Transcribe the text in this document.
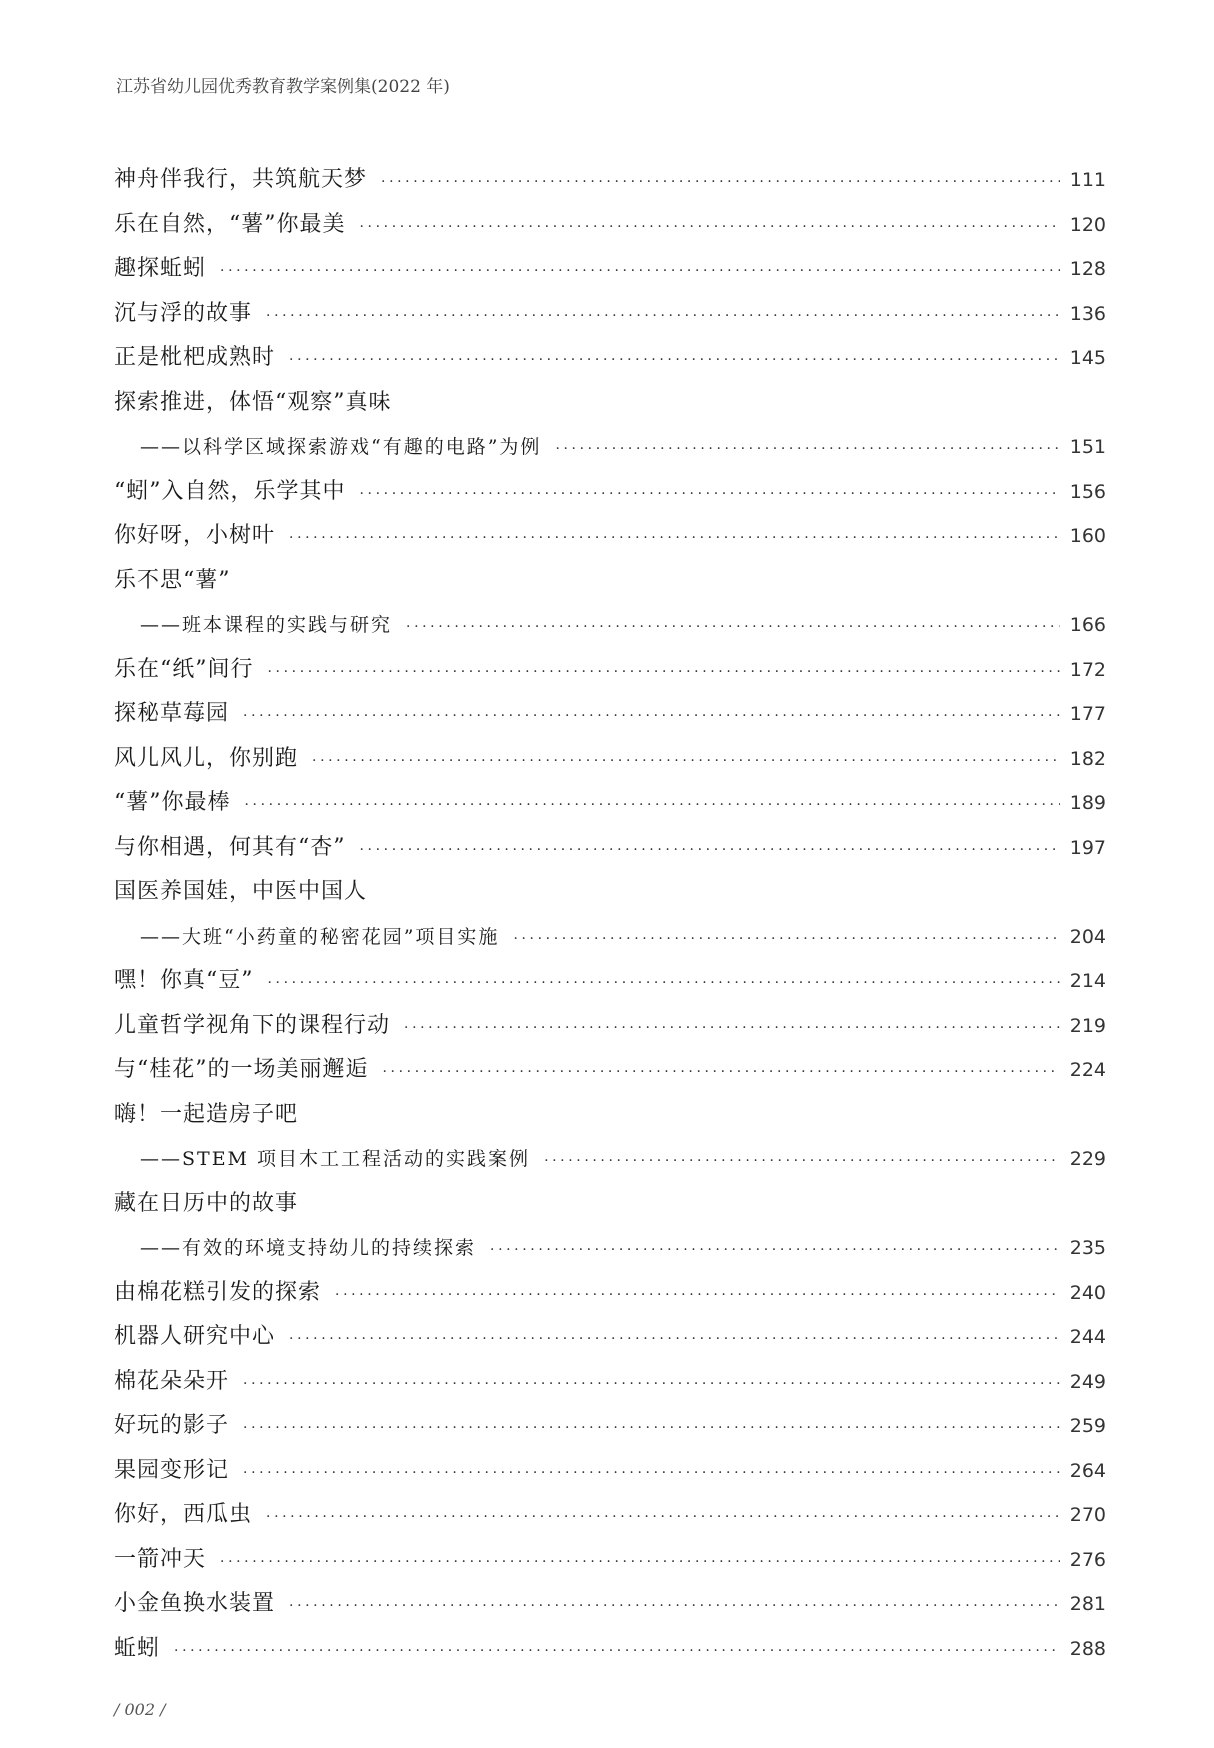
江苏省幼儿园优秀教育教学案例集(2022 年)
神舟伴我行，共筑航天梦 ·····	111
乐在自然，“薯”你最美 ·····	120
趣探蚯蚓 ·····	128
沉与浮的故事 ·····	136
正是枇杷成熟时 ·····	145
探索推进，体悟“观察”真味
——以科学区域探索游戏“有趣的电路”为例 ·····	151
“蚓”入自然，乐学其中 ·····	156
你好呀，小树叶 ·····	160
乐不思“薯”
——班本课程的实践与研究 ·····	166
乐在“纸”间行 ·····	172
探秘草莓园 ·····	177
风儿风儿，你别跑 ·····	182
“薯”你最棒 ·····	189
与你相遇，何其有“杏” ·····	197
国医养国娃，中医中国人
——大班“小药童的秘密花园”项目实施 ·····	204
嘿！你真“豆” ·····	214
儿童哲学视角下的课程行动 ·····	219
与“桂花”的一场美丽邂逅 ·····	224
嗨！一起造房子吧
——STEM 项目木工工程活动的实践案例 ·····	229
藏在日历中的故事
——有效的环境支持幼儿的持续探索 ·····	235
由棉花糕引发的探索 ·····	240
机器人研究中心 ·····	244
棉花朵朵开 ·····	249
好玩的影子 ·····	259
果园变形记 ·····	264
你好，西瓜虫 ·····	270
一箭冲天 ·····	276
小金鱼换水装置 ·····	281
蚯蚓 ·····	288
/ 002 /
